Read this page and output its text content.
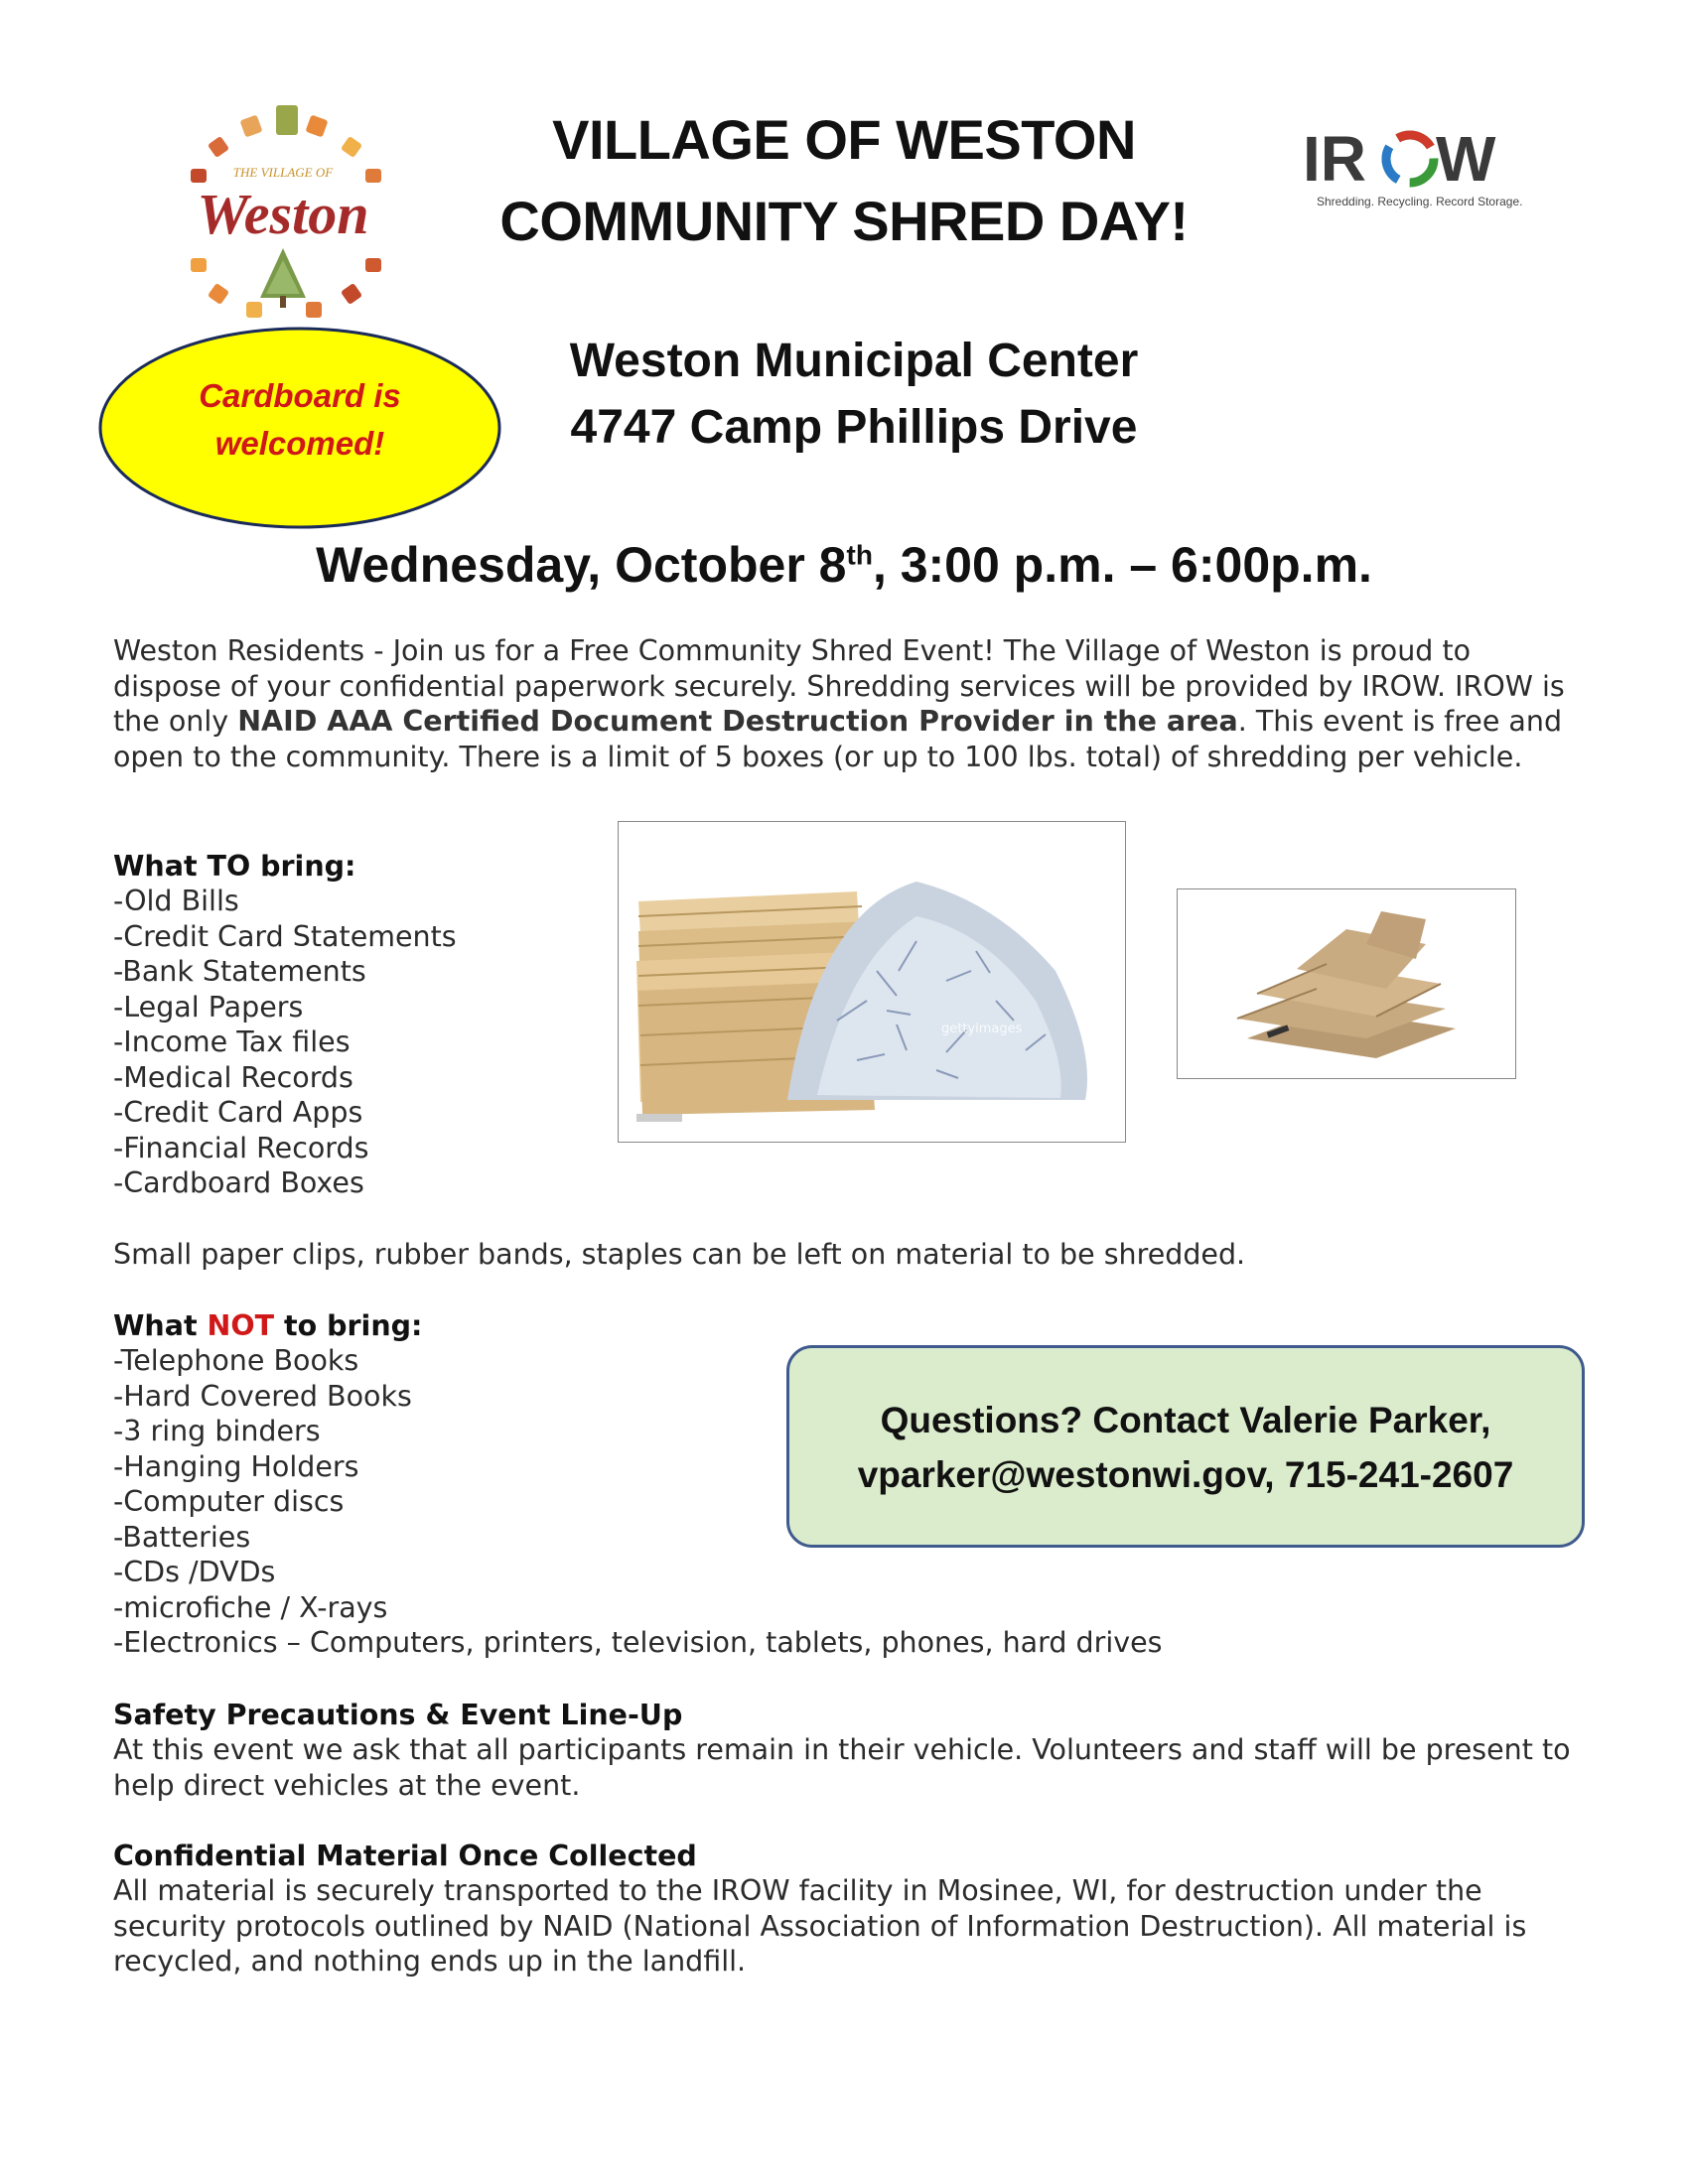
THE VILLAGE OF
Weston
VILLAGE OF WESTON
COMMUNITY SHRED DAY!
IR W
Shredding. Recycling. Record Storage.
Cardboard is
welcomed!
Weston Municipal Center
4747 Camp Phillips Drive
Wednesday, October 8th, 3:00 p.m. – 6:00p.m.
Weston Residents - Join us for a Free Community Shred Event! The Village of Weston is proud to dispose of your confidential paperwork securely. Shredding services will be provided by IROW. IROW is the only NAID AAA Certified Document Destruction Provider in the area. This event is free and open to the community. There is a limit of 5 boxes (or up to 100 lbs. total) of shredding per vehicle.
What TO bring:
-Old Bills
-Credit Card Statements
-Bank Statements
-Legal Papers
-Income Tax files
-Medical Records
-Credit Card Apps
-Financial Records
-Cardboard Boxes
gettyimages
Small paper clips, rubber bands, staples can be left on material to be shredded.
What NOT to bring:
-Telephone Books
-Hard Covered Books
-3 ring binders
-Hanging Holders
-Computer discs
-Batteries
-CDs /DVDs
-microfiche / X-rays
-Electronics – Computers, printers, television, tablets, phones, hard drives
Questions? Contact Valerie Parker,
vparker@westonwi.gov, 715-241-2607
Safety Precautions & Event Line-Up
At this event we ask that all participants remain in their vehicle. Volunteers and staff will be present to help direct vehicles at the event.
Confidential Material Once Collected
All material is securely transported to the IROW facility in Mosinee, WI, for destruction under the security protocols outlined by NAID (National Association of Information Destruction). All material is recycled, and nothing ends up in the landfill.
